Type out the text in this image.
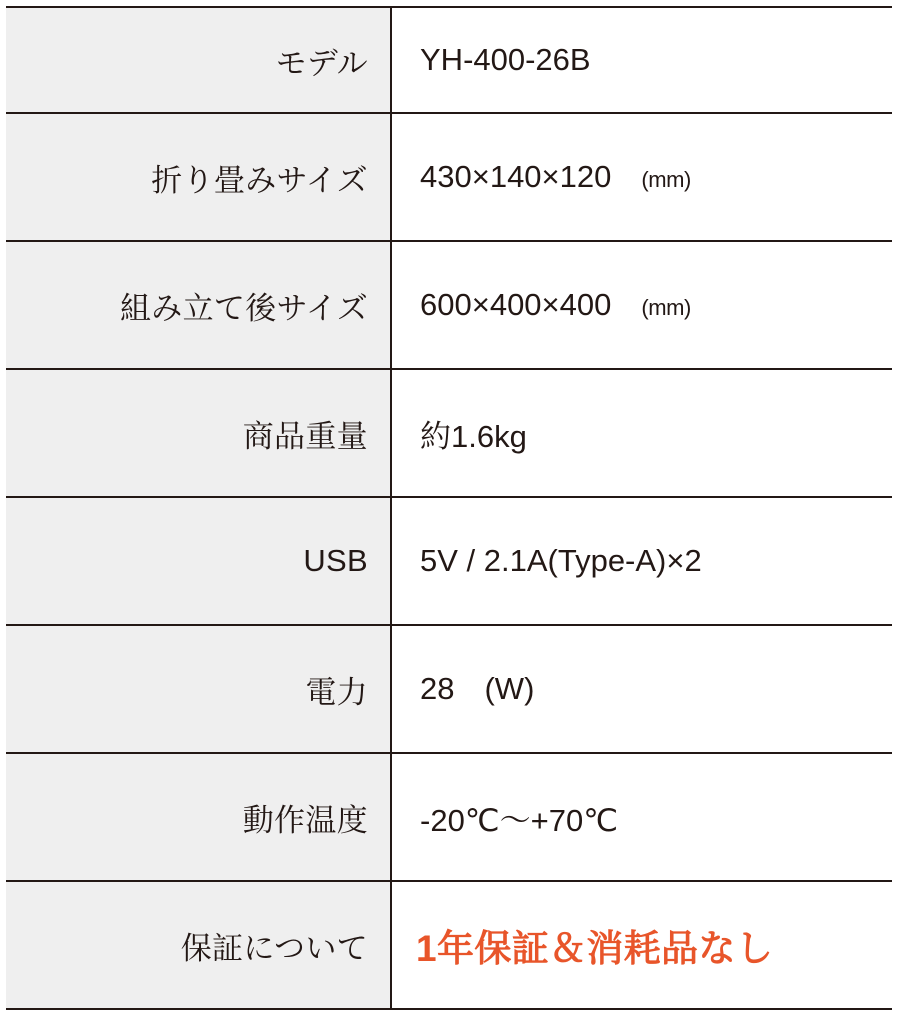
モデル	YH-400-26B
折り畳みサイズ	430×140×120 (mm)
組み立て後サイズ	600×400×400 (mm)
商品重量	約1.6kg
USB	5V / 2.1A(Type-A)×2
電力	28 (W)
動作温度	-20℃〜+70℃
保証について	1年保証＆消耗品なし
